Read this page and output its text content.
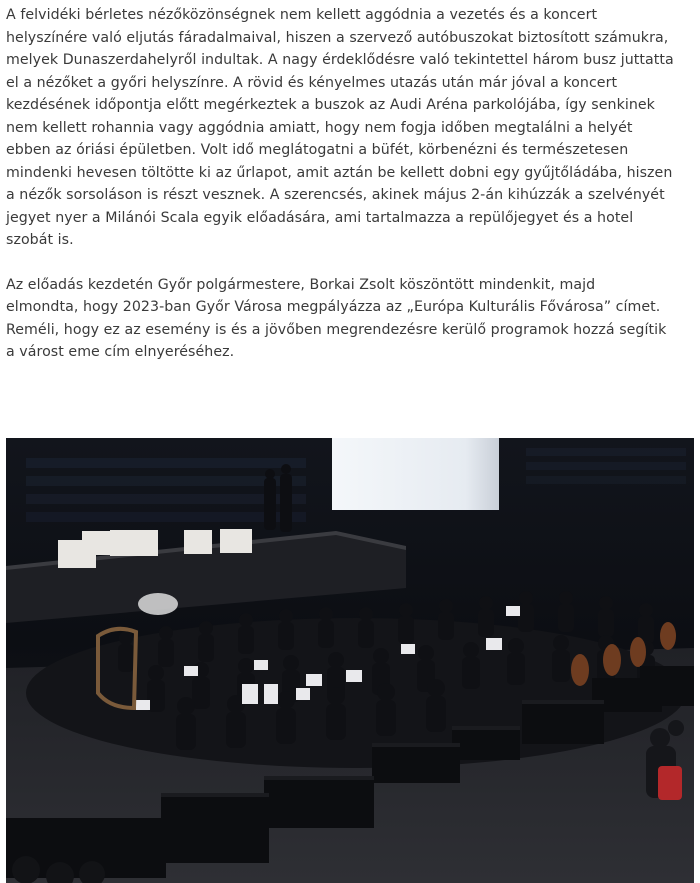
A felvidéki bérletes nézőközönségnek nem kellett aggódnia a vezetés és a koncert
helyszínére való eljutás fáradalmaival, hiszen a szervező autóbuszokat biztosított számukra,
melyek Dunaszerdahelyről indultak. A nagy érdeklődésre való tekintettel három busz juttatta
el a nézőket a győri helyszínre. A rövid és kényelmes utazás után már jóval a koncert
kezdésének időpontja előtt megérkeztek a buszok az Audi Aréna parkolójába, így senkinek
nem kellett rohannia vagy aggódnia amiatt, hogy nem fogja időben megtalálni a helyét
ebben az óriási épületben. Volt idő meglátogatni a büfét, körbenézni és természetesen
mindenki hevesen töltötte ki az űrlapot, amit aztán be kellett dobni egy gyűjtőládába, hiszen
a nézők sorsoláson is részt vesznek. A szerencsés, akinek május 2-án kihúzzák a szelvényét
jegyet nyer a Milánói Scala egyik előadására, ami tartalmazza a repülőjegyet és a hotel
szobát is.

Az előadás kezdetén Győr polgármestere, Borkai Zsolt köszöntött mindenkit, majd
elmondta, hogy 2023-ban Győr Városa megpályázza az „Európa Kulturális Fővárosa” címet.
Reméli, hogy ez az esemény is és a jövőben megrendezésre kerülő programok hozzá segítik
a várost eme cím elnyeréséhez.
